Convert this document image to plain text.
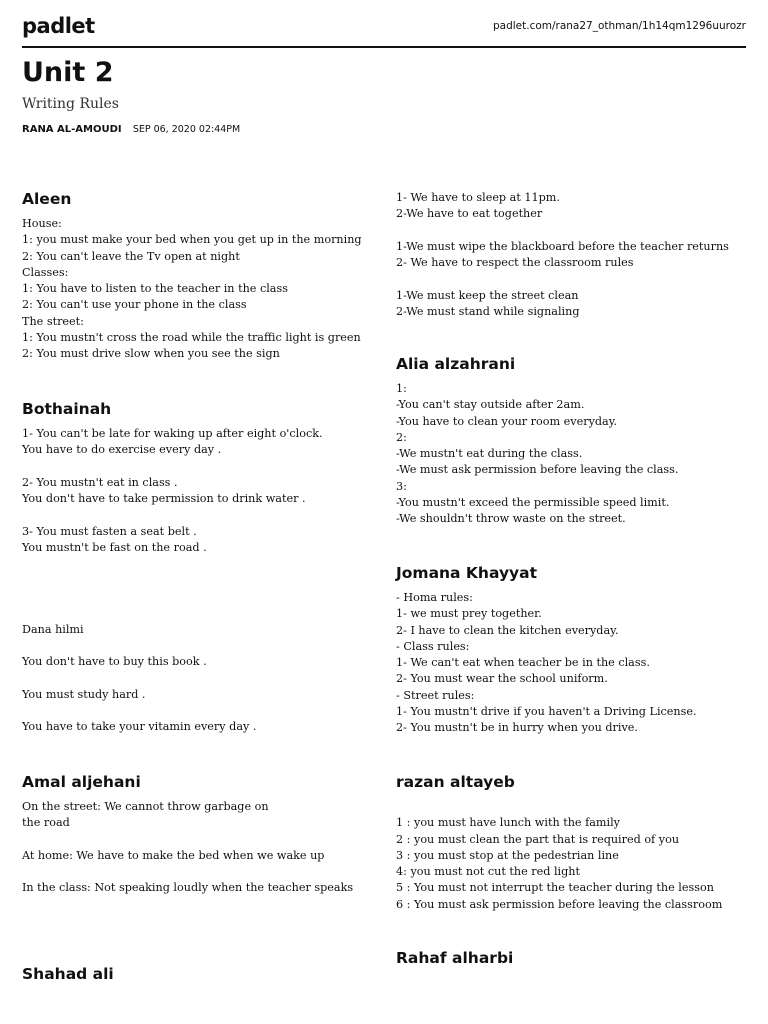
padlet	padlet.com/rana27_othman/1h14qm1296uurozr
Unit 2
Writing Rules
RANA AL-AMOUDI SEP 06, 2020 02:44PM
Aleen
House:
1: you must make your bed when you get up in the morning
2: You can't leave the Tv open at night
Classes:
1: You have to listen to the teacher in the class
2: You can't use your phone in the class
The street:
1: You mustn't cross the road while the traffic light is green
2: You must drive slow when you see the sign
Bothainah
1- You can't be late for waking up after eight o'clock.
You have to do exercise every day .
2- You mustn't eat in class .
You don't have to take permission to drink water .
3- You must fasten a seat belt .
You mustn't be fast on the road .
Dana hilmi
You don't have to buy this book .
You must study hard .
You have to take your vitamin every day .
Amal aljehani
On the street: We cannot throw garbage on
the road
At home: We have to make the bed when we wake up
In the class: Not speaking loudly when the teacher speaks
Shahad ali
1- We have to sleep at 11pm.
2-We have to eat together
1-We must wipe the blackboard before the teacher returns
2- We have to respect the classroom rules
1-We must keep the street clean
2-We must stand while signaling
Alia alzahrani
1:
-You can't stay outside after 2am.
-You have to clean your room everyday.
2:
-We mustn't eat during the class.
-We must ask permission before leaving the class.
3:
-You mustn't exceed the permissible speed limit.
-We shouldn't throw waste on the street.
Jomana Khayyat
- Homa rules:
1- we must prey together.
2- I have to clean the kitchen everyday.
- Class rules:
1- We can't eat when teacher be in the class.
2- You must wear the school uniform.
- Street rules:
1- You mustn't drive if you haven't a Driving License.
2- You mustn't be in hurry when you drive.
razan altayeb
1 : you must have lunch with the family
2 : you must clean the part that is required of you
3 : you must stop at the pedestrian line
4: you must not cut the red light
5 : You must not interrupt the teacher during the lesson
6 : You must ask permission before leaving the classroom
Rahaf alharbi
